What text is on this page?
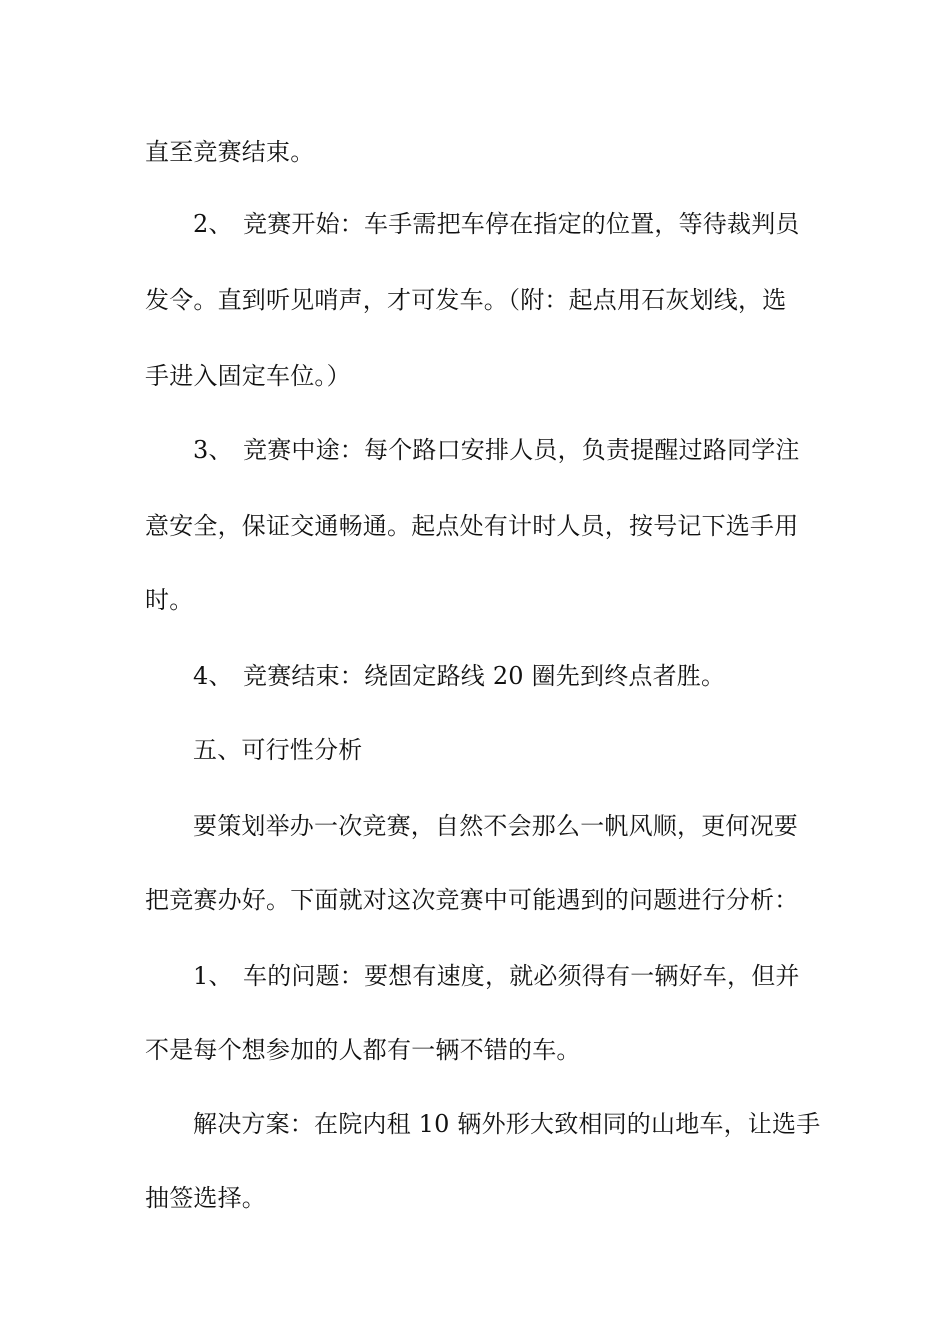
直至竞赛结束。
2、 竞赛开始：车手需把车停在指定的位置，等待裁判员
发令。直到听见哨声，才可发车。（附：起点用石灰划线，选
手进入固定车位。）
3、 竞赛中途：每个路口安排人员，负责提醒过路同学注
意安全，保证交通畅通。起点处有计时人员，按号记下选手用
时。
4、 竞赛结束：绕固定路线 20 圈先到终点者胜。
五、可行性分析
要策划举办一次竞赛，自然不会那么一帆风顺，更何况要
把竞赛办好。下面就对这次竞赛中可能遇到的问题进行分析：
1、 车的问题：要想有速度，就必须得有一辆好车，但并
不是每个想参加的人都有一辆不错的车。
解决方案：在院内租 10 辆外形大致相同的山地车，让选手
抽签选择。
